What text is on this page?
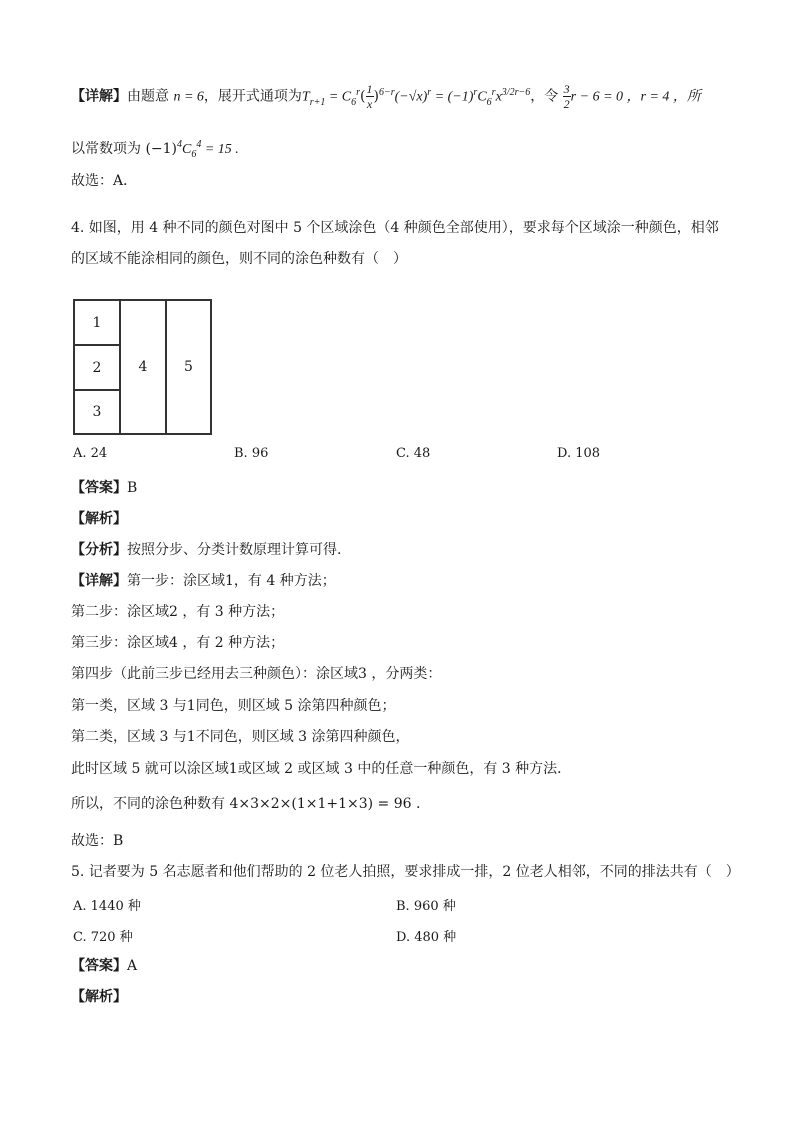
【详解】由题意 n = 6，展开式通项为$T_{r+1} = C_6^r( \frac{1}{x} )^{6-r}(-√x)^r = (-1)^rC_6^rx^{3/2r-6}$，令 $\frac{3}{2}$ r − 6 = 0 ，r = 4 ，所
以常数项为 $(-1)^4C_6^4 = 15$ .
故选：A．
4. 如图，用 4 种不同的颜色对图中 5 个区域涂色（4 种颜色全部使用），要求每个区域涂一种颜色，相邻
的区域不能涂相同的颜色，则不同的涂色种数有（　）
1
2
3
4	5
A. 24	B. 96	C. 48	D. 108
【答案】B
【解析】
【分析】按照分步、分类计数原理计算可得.
【详解】第一步：涂区域1，有 4 种方法；
第二步：涂区域2 ，有 3 种方法；
第三步：涂区域4 ，有 2 种方法；
第四步（此前三步已经用去三种颜色）：涂区域3 ，分两类：
第一类，区域 3 与1同色，则区域 5 涂第四种颜色；
第二类，区域 3 与1不同色，则区域 3 涂第四种颜色，
此时区域 5 就可以涂区域1或区域 2 或区域 3 中的任意一种颜色，有 3 种方法．
所以，不同的涂色种数有 4×3×2×(1×1+1×3) = 96 .
故选：B
5. 记者要为 5 名志愿者和他们帮助的 2 位老人拍照，要求排成一排，2 位老人相邻，不同的排法共有（　）
A. 1440 种	B. 960 种
C. 720 种	D. 480 种
【答案】A
【解析】
